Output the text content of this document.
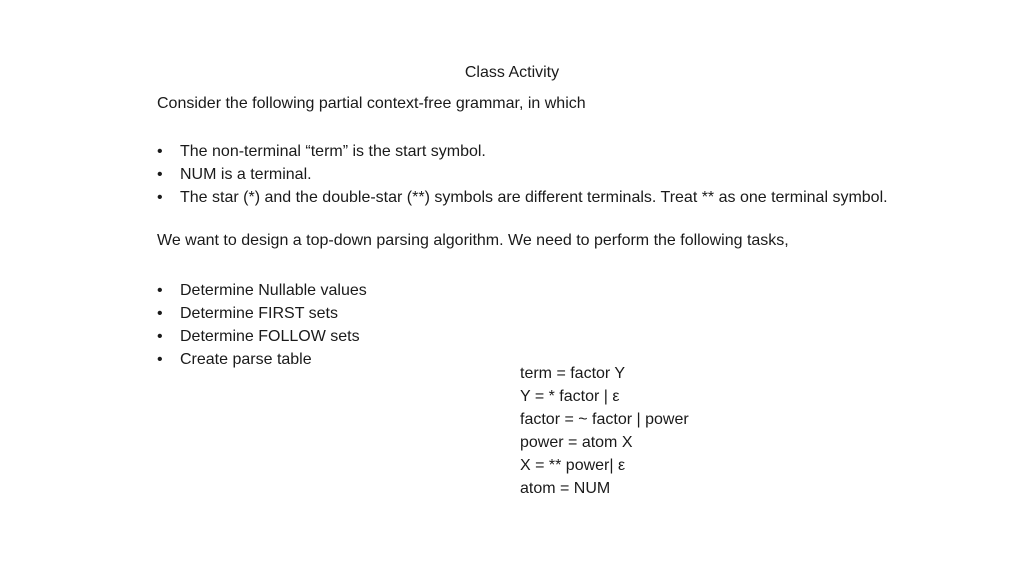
Class Activity
Consider the following partial context-free grammar, in which
• The non-terminal “term” is the start symbol.
• NUM is a terminal.
• The star (*) and the double-star (**) symbols are different terminals. Treat ** as one terminal symbol.
We want to design a top-down parsing algorithm. We need to perform the following tasks,
• Determine Nullable values
• Determine FIRST sets
• Determine FOLLOW sets
• Create parse table
term = factor Y
Y = * factor | ε
factor = ~ factor | power
power = atom X
X = ** power| ε
atom = NUM
